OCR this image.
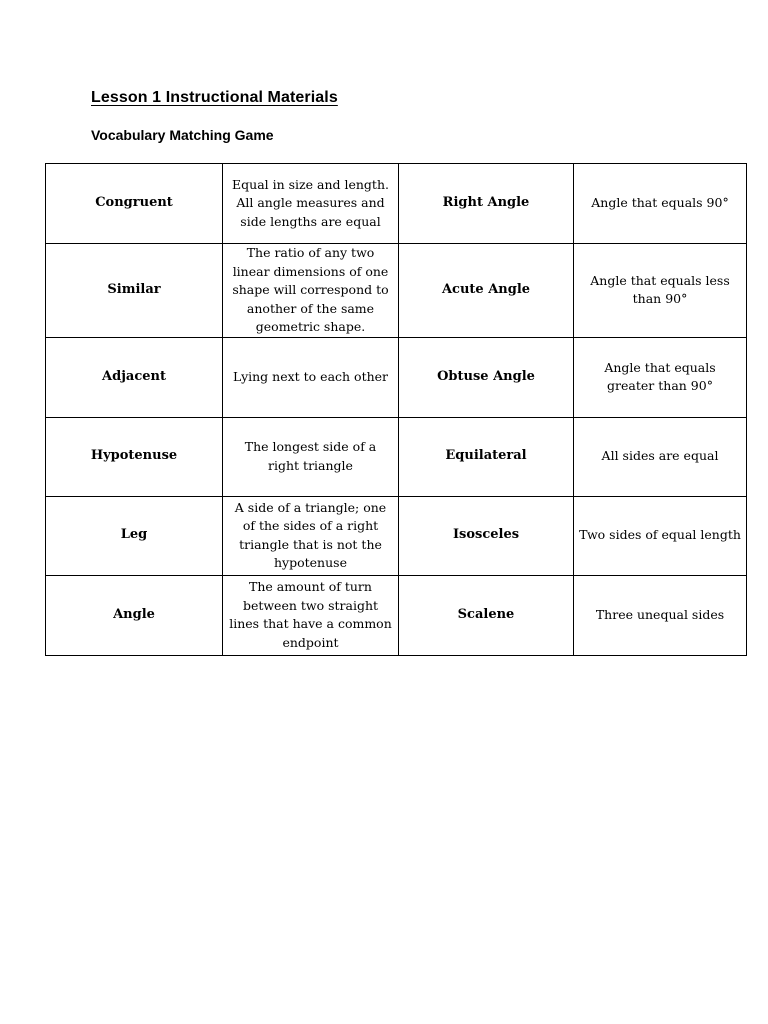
Lesson 1 Instructional Materials
Vocabulary Matching Game
Congruent	Equal in size and length. All angle measures and side lengths are equal	Right Angle	Angle that equals 90°
Similar	The ratio of any two linear dimensions of one shape will correspond to another of the same geometric shape.	Acute Angle	Angle that equals less than 90°
Adjacent	Lying next to each other	Obtuse Angle	Angle that equals greater than 90°
Hypotenuse	The longest side of a right triangle	Equilateral	All sides are equal
Leg	A side of a triangle; one of the sides of a right triangle that is not the hypotenuse	Isosceles	Two sides of equal length
Angle	The amount of turn between two straight lines that have a common endpoint	Scalene	Three unequal sides
